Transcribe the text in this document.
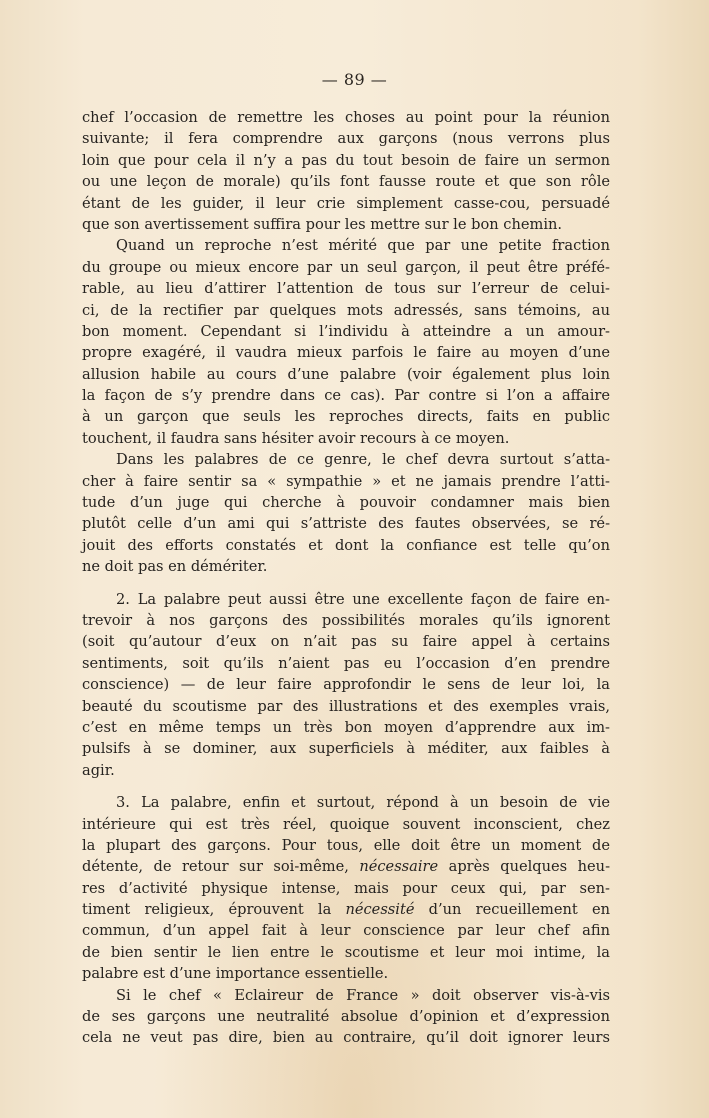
— 89 —
chef l’occasion de remettre les choses au point pour la réunion
suivante; il fera comprendre aux garçons (nous verrons plus
loin que pour cela il n’y a pas du tout besoin de faire un sermon
ou une leçon de morale) qu’ils font fausse route et que son rôle
étant de les guider, il leur crie simplement casse-cou, persuadé
que son avertissement suffira pour les mettre sur le bon chemin.
Quand un reproche n’est mérité que par une petite fraction
du groupe ou mieux encore par un seul garçon, il peut être préfé-
rable, au lieu d’attirer l’attention de tous sur l’erreur de celui-
ci, de la rectifier par quelques mots adressés, sans témoins, au
bon moment. Cependant si l’individu à atteindre a un amour-
propre exagéré, il vaudra mieux parfois le faire au moyen d’une
allusion habile au cours d’une palabre (voir également plus loin
la façon de s’y prendre dans ce cas). Par contre si l’on a affaire
à un garçon que seuls les reproches directs, faits en public
touchent, il faudra sans hésiter avoir recours à ce moyen.
Dans les palabres de ce genre, le chef devra surtout s’atta-
cher à faire sentir sa « sympathie » et ne jamais prendre l’atti-
tude d’un juge qui cherche à pouvoir condamner mais bien
plutôt celle d’un ami qui s’attriste des fautes observées, se ré-
jouit des efforts constatés et dont la confiance est telle qu’on
ne doit pas en démériter.
2. La palabre peut aussi être une excellente façon de faire en-
trevoir à nos garçons des possibilités morales qu’ils ignorent
(soit qu’autour d’eux on n’ait pas su faire appel à certains
sentiments, soit qu’ils n’aient pas eu l’occasion d’en prendre
conscience) — de leur faire approfondir le sens de leur loi, la
beauté du scoutisme par des illustrations et des exemples vrais,
c’est en même temps un très bon moyen d’apprendre aux im-
pulsifs à se dominer, aux superficiels à méditer, aux faibles à
agir.
3. La palabre, enfin et surtout, répond à un besoin de vie
intérieure qui est très réel, quoique souvent inconscient, chez
la plupart des garçons. Pour tous, elle doit être un moment de
détente, de retour sur soi-même, nécessaire après quelques heu-
res d’activité physique intense, mais pour ceux qui, par sen-
timent religieux, éprouvent la nécessité d’un recueillement en
commun, d’un appel fait à leur conscience par leur chef afin
de bien sentir le lien entre le scoutisme et leur moi intime, la
palabre est d’une importance essentielle.
Si le chef « Eclaireur de France » doit observer vis-à-vis
de ses garçons une neutralité absolue d’opinion et d’expression
cela ne veut pas dire, bien au contraire, qu’il doit ignorer leurs
